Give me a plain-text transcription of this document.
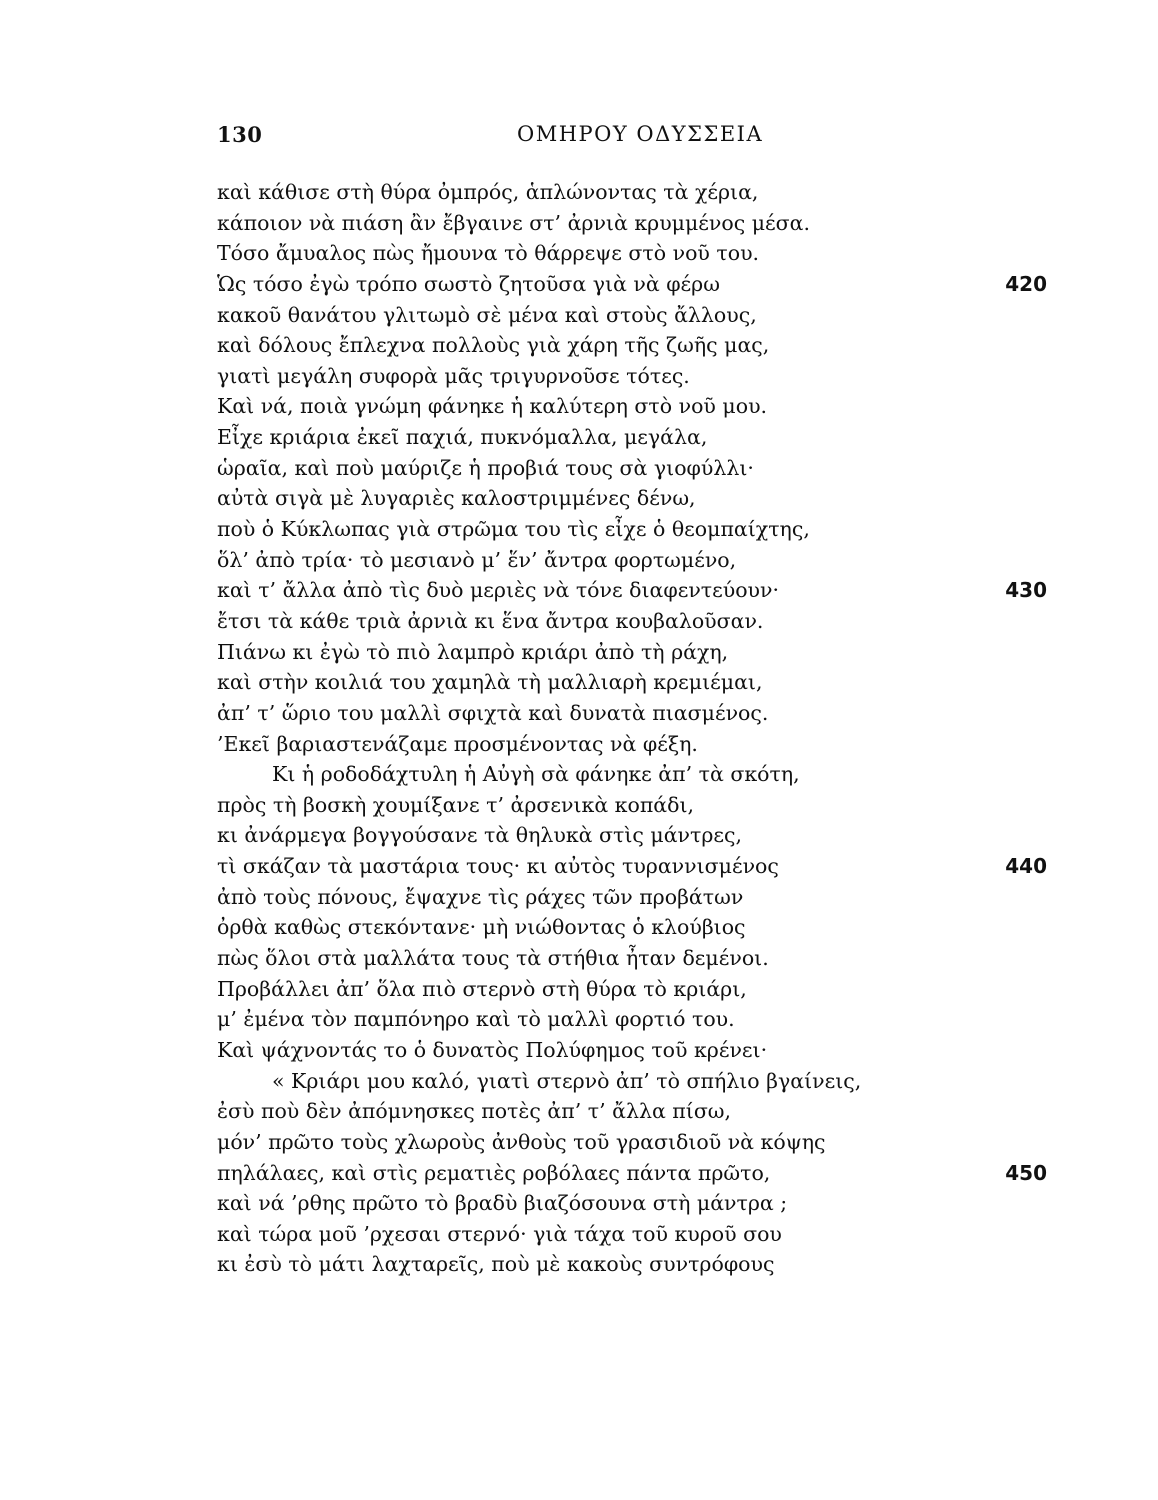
130	ΟΜΗΡΟΥ ΟΔΥΣΣΕΙΑ
καὶ κάθισε στὴ θύρα ὀμπρός, ἁπλώνοντας τὰ χέρια,
κάποιον νὰ πιάση ἂν ἔβγαινε στ’ ἀρνιὰ κρυμμένος μέσα.
Τόσο ἄμυαλος πὼς ἤμουνα τὸ θάρρεψε στὸ νοῦ του.
Ὡς τόσο ἐγὼ τρόπο σωστὸ ζητοῦσα γιὰ νὰ φέρω	420
κακοῦ θανάτου γλιτωμὸ σὲ μένα καὶ στοὺς ἄλλους,
καὶ δόλους ἔπλεχνα πολλοὺς γιὰ χάρη τῆς ζωῆς μας,
γιατὶ μεγάλη συφορὰ μᾶς τριγυρνοῦσε τότες.
Καὶ νά, ποιὰ γνώμη φάνηκε ἡ καλύτερη στὸ νοῦ μου.
Εἶχε κριάρια ἐκεῖ παχιά, πυκνόμαλλα, μεγάλα,
ὡραῖα, καὶ ποὺ μαύριζε ἡ προβιά τους σὰ γιοφύλλι·
αὐτὰ σιγὰ μὲ λυγαριὲς καλοστριμμένες δένω,
ποὺ ὁ Κύκλωπας γιὰ στρῶμα του τὶς εἶχε ὁ θεομπαίχτης,
ὅλ’ ἀπὸ τρία· τὸ μεσιανὸ μ’ ἕν’ ἄντρα φορτωμένο,
καὶ τ’ ἄλλα ἀπὸ τὶς δυὸ μεριὲς νὰ τόνε διαφεντεύουν·	430
ἔτσι τὰ κάθε τριὰ ἀρνιὰ κι ἕνα ἄντρα κουβαλοῦσαν.
Πιάνω κι ἐγὼ τὸ πιὸ λαμπρὸ κριάρι ἀπὸ τὴ ράχη,
καὶ στὴν κοιλιά του χαμηλὰ τὴ μαλλιαρὴ κρεμιέμαι,
ἀπ’ τ’ ὥριο του μαλλὶ σφιχτὰ καὶ δυνατὰ πιασμένος.
’Εκεῖ βαριαστενάζαμε προσμένοντας νὰ φέξη.
Κι ἡ ροδοδάχτυλη ἡ Αὐγὴ σὰ φάνηκε ἀπ’ τὰ σκότη,
πρὸς τὴ βοσκὴ χουμίξανε τ’ ἀρσενικὰ κοπάδι,
κι ἀνάρμεγα βογγούσανε τὰ θηλυκὰ στὶς μάντρες,
τὶ σκάζαν τὰ μαστάρια τους· κι αὐτὸς τυραννισμένος	440
ἀπὸ τοὺς πόνους, ἔψαχνε τὶς ράχες τῶν προβάτων
ὀρθὰ καθὼς στεκόντανε· μὴ νιώθοντας ὁ κλούβιος
πὼς ὅλοι στὰ μαλλάτα τους τὰ στήθια ἦταν δεμένοι.
Προβάλλει ἀπ’ ὅλα πιὸ στερνὸ στὴ θύρα τὸ κριάρι,
μ’ ἐμένα τὸν παμπόνηρο καὶ τὸ μαλλὶ φορτιό του.
Καὶ ψάχνοντάς το ὁ δυνατὸς Πολύφημος τοῦ κρένει·
« Κριάρι μου καλό, γιατὶ στερνὸ ἀπ’ τὸ σπήλιο βγαίνεις,
ἐσὺ ποὺ δὲν ἀπόμνησκες ποτὲς ἀπ’ τ’ ἄλλα πίσω,
μόν’ πρῶτο τοὺς χλωροὺς ἀνθοὺς τοῦ γρασιδιοῦ νὰ κόψης
πηλάλαες, καὶ στὶς ρεματιὲς ροβόλαες πάντα πρῶτο,	450
καὶ νά ’ρθης πρῶτο τὸ βραδὺ βιαζόσουνα στὴ μάντρα ;
καὶ τώρα μοῦ ’ρχεσαι στερνό· γιὰ τάχα τοῦ κυροῦ σου
κι ἐσὺ τὸ μάτι λαχταρεῖς, ποὺ μὲ κακοὺς συντρόφους
